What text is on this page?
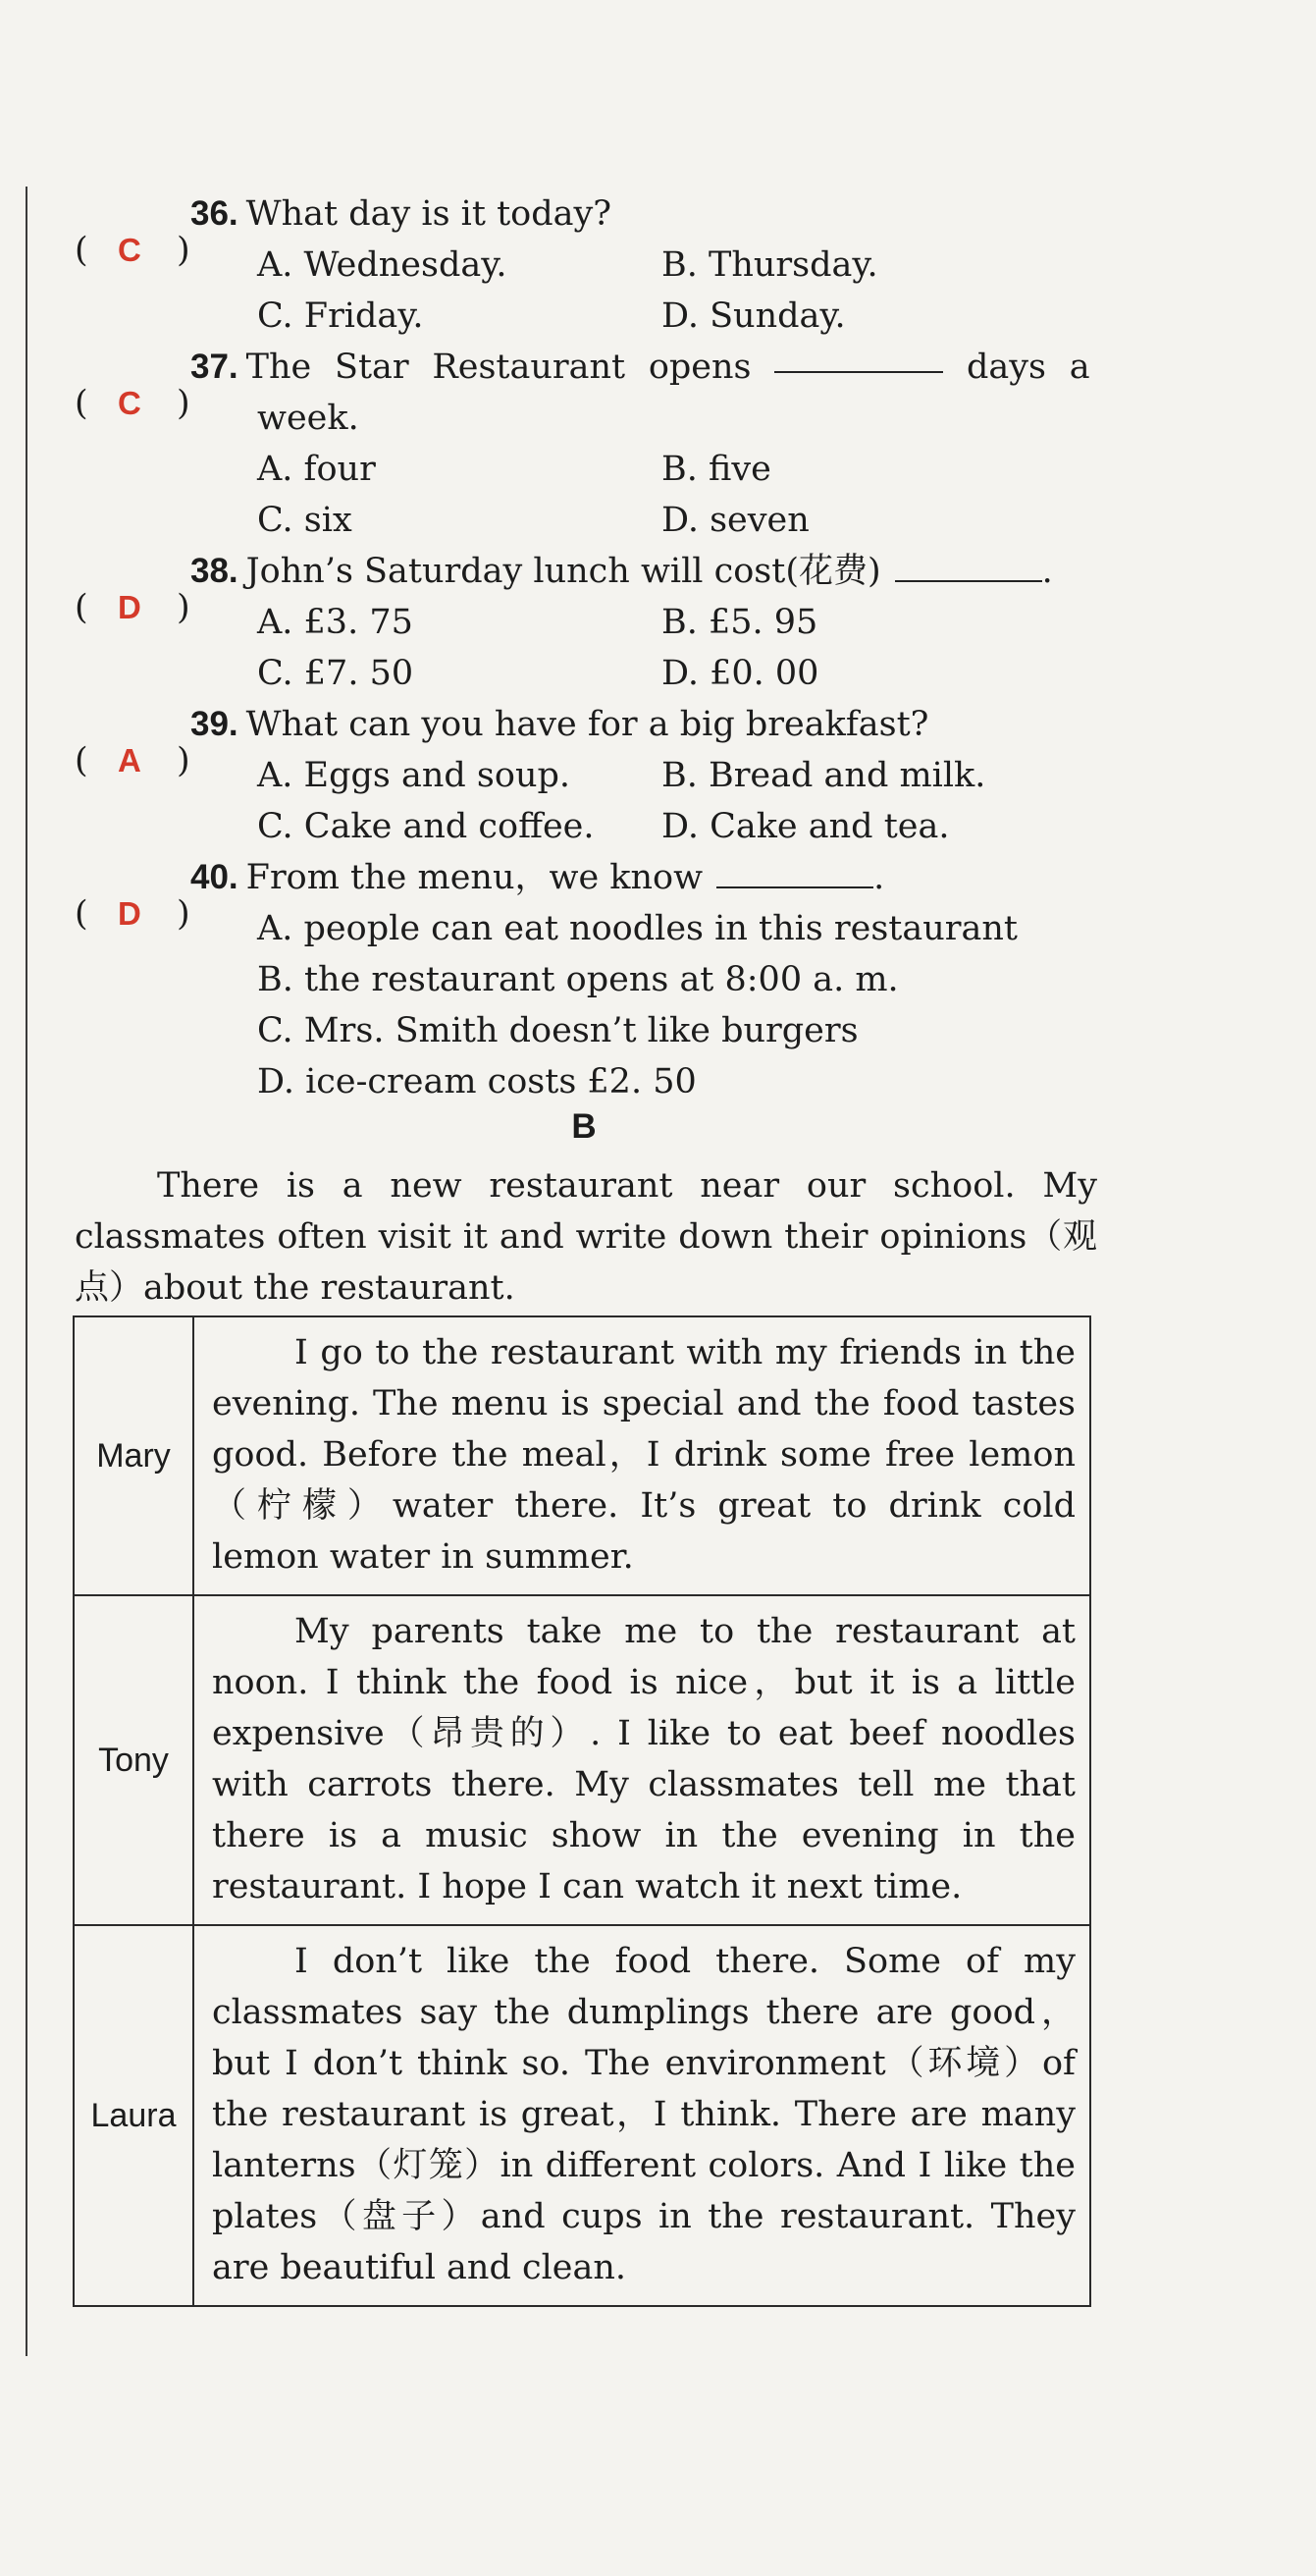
( C )
36. What day is it today?
A. Wednesday.	B. Thursday.
C. Friday.	D. Sunday.
( C )
37. The Star Restaurant opens	days a
week.
A. four	B. five
C. six	D. seven
( D )
38. John’s Saturday lunch will cost(花费)	.
A. £3. 75	B. £5. 95
C. £7. 50	D. £0. 00
( A )
39. What can you have for a big breakfast?
A. Eggs and soup.	B. Bread and milk.
C. Cake and coffee.	D. Cake and tea.
( D )
40. From the menu，we know	.
A. people can eat noodles in this restaurant
B. the restaurant opens at 8:00 a. m.
C. Mrs. Smith doesn’t like burgers
D. ice-cream costs £2. 50
B
There is a new restaurant near our school. My classmates often visit it and write down their opinions（观点）about the restaurant.
Mary	I go to the restaurant with my friends in the evening. The menu is special and the food tastes good. Before the meal，I drink some free lemon（柠檬）water there. It’s great to drink cold lemon water in summer.

Tony	My parents take me to the restaurant at noon. I think the food is nice，but it is a little expensive（昂贵的）. I like to eat beef noodles with carrots there. My classmates tell me that there is a music show in the evening in the restaurant. I hope I can watch it next time.

Laura	I don’t like the food there. Some of my classmates say the dumplings there are good，but I don’t think so. The environment（环境）of the restaurant is great，I think. There are many lanterns（灯笼）in different colors. And I like the plates（盘子）and cups in the restaurant. They are beautiful and clean.
